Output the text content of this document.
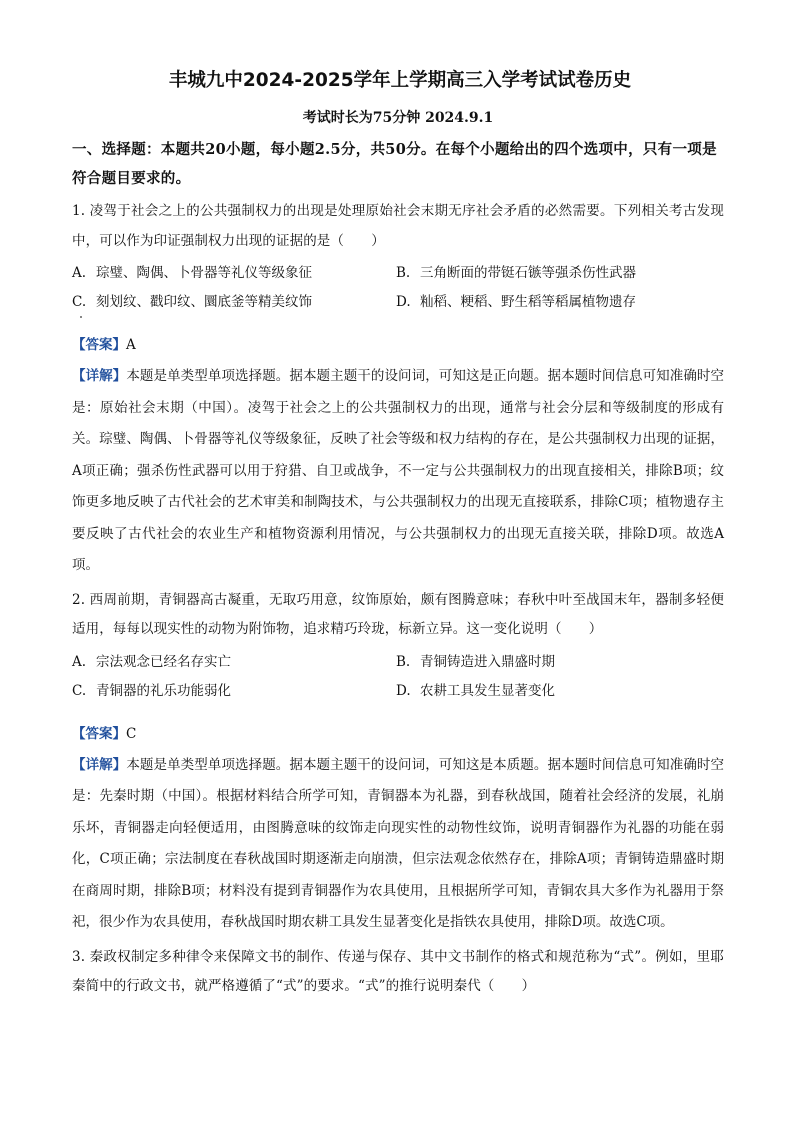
丰城九中2024-2025学年上学期高三入学考试试卷历史
考试时长为75分钟 2024.9.1
一、选择题：本题共20小题，每小题2.5分，共50分。在每个小题给出的四个选项中，只有一项是符合题目要求的。
1. 凌驾于社会之上的公共强制权力的出现是处理原始社会末期无序社会矛盾的必然需要。下列相关考古发现中，可以作为印证强制权力出现的证据的是（　　）
A. 琮璧、陶偶、卜骨器等礼仪等级象征	B. 三角断面的带铤石镞等强杀伤性武器
C. 刻划纹、戳印纹、圜底釜等精美纹饰	D. 籼稻、粳稻、野生稻等稻属植物遗存
【答案】A
【详解】本题是单类型单项选择题。据本题主题干的设问词，可知这是正向题。据本题时间信息可知准确时空是：原始社会末期（中国）。凌驾于社会之上的公共强制权力的出现，通常与社会分层和等级制度的形成有关。琮璧、陶偶、卜骨器等礼仪等级象征，反映了社会等级和权力结构的存在，是公共强制权力出现的证据，A项正确；强杀伤性武器可以用于狩猎、自卫或战争，不一定与公共强制权力的出现直接相关，排除B项；纹饰更多地反映了古代社会的艺术审美和制陶技术，与公共强制权力的出现无直接联系，排除C项；植物遗存主要反映了古代社会的农业生产和植物资源利用情况，与公共强制权力的出现无直接关联，排除D项。故选A项。
2. 西周前期，青铜器高古凝重，无取巧用意，纹饰原始，颇有图腾意味；春秋中叶至战国末年，器制多轻便适用，每每以现实性的动物为附饰物，追求精巧玲珑，标新立异。这一变化说明（　　）
A. 宗法观念已经名存实亡	B. 青铜铸造进入鼎盛时期
C. 青铜器的礼乐功能弱化	D. 农耕工具发生显著变化
【答案】C
【详解】本题是单类型单项选择题。据本题主题干的设问词，可知这是本质题。据本题时间信息可知准确时空是：先秦时期（中国）。根据材料结合所学可知，青铜器本为礼器，到春秋战国，随着社会经济的发展，礼崩乐坏，青铜器走向轻便适用，由图腾意味的纹饰走向现实性的动物性纹饰，说明青铜器作为礼器的功能在弱化，C项正确；宗法制度在春秋战国时期逐渐走向崩溃，但宗法观念依然存在，排除A项；青铜铸造鼎盛时期在商周时期，排除B项；材料没有提到青铜器作为农具使用，且根据所学可知，青铜农具大多作为礼器用于祭祀，很少作为农具使用，春秋战国时期农耕工具发生显著变化是指铁农具使用，排除D项。故选C项。
3. 秦政权制定多种律令来保障文书的制作、传递与保存、其中文书制作的格式和规范称为“式”。例如，里耶秦简中的行政文书，就严格遵循了“式”的要求。“式”的推行说明秦代（　　）
